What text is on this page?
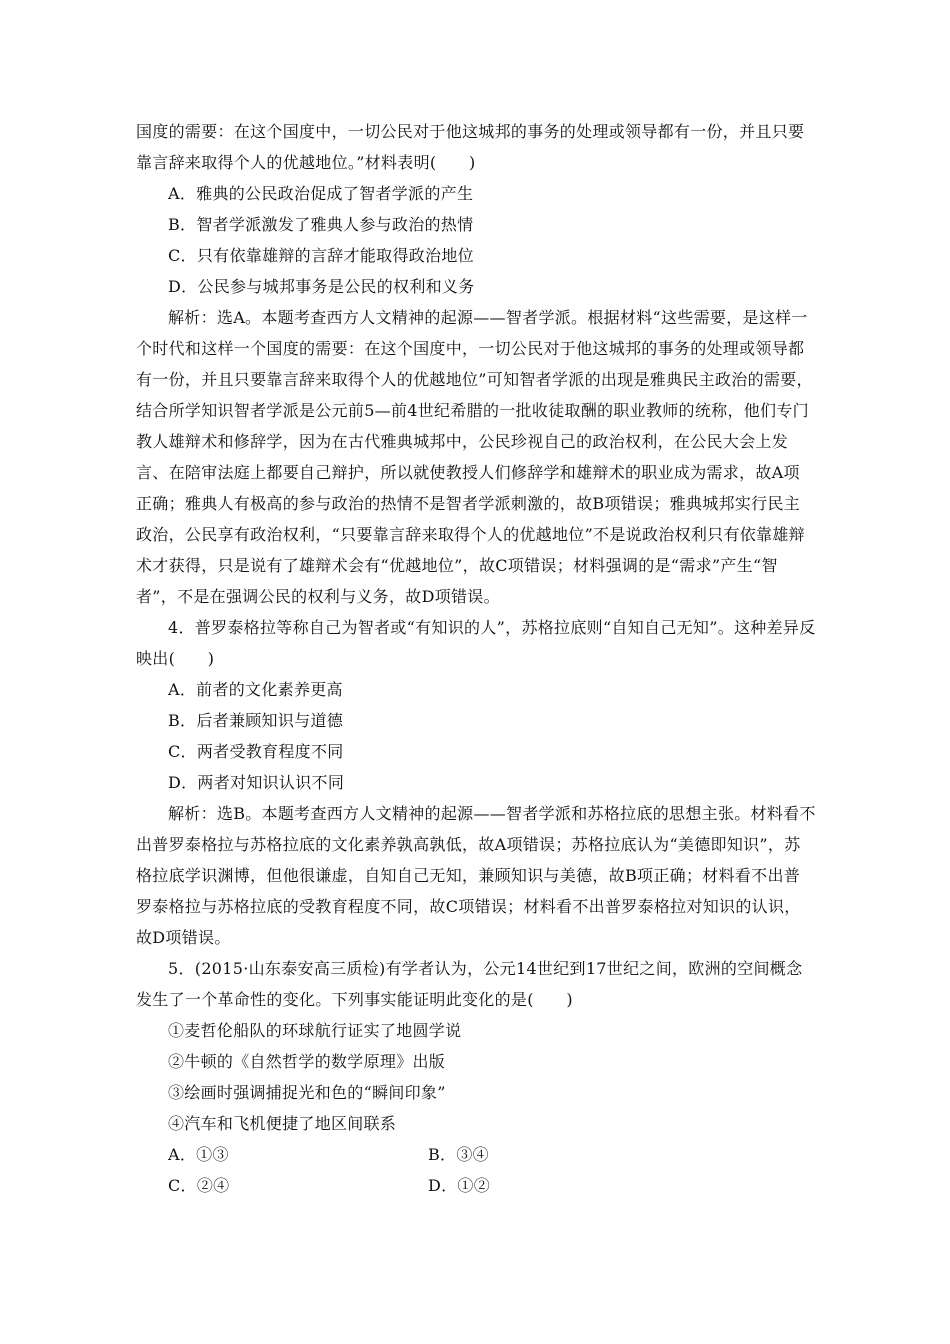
国度的需要：在这个国度中，一切公民对于他这城邦的事务的处理或领导都有一份，并且只要靠言辞来取得个人的优越地位。”材料表明(　　)

A．雅典的公民政治促成了智者学派的产生

B．智者学派激发了雅典人参与政治的热情

C．只有依靠雄辩的言辞才能取得政治地位

D．公民参与城邦事务是公民的权利和义务

解析：选A。本题考查西方人文精神的起源——智者学派。根据材料“这些需要，是这样一个时代和这样一个国度的需要：在这个国度中，一切公民对于他这城邦的事务的处理或领导都有一份，并且只要靠言辞来取得个人的优越地位”可知智者学派的出现是雅典民主政治的需要，结合所学知识智者学派是公元前5—前4世纪希腊的一批收徒取酬的职业教师的统称，他们专门教人雄辩术和修辞学，因为在古代雅典城邦中，公民珍视自己的政治权利，在公民大会上发言、在陪审法庭上都要自己辩护，所以就使教授人们修辞学和雄辩术的职业成为需求，故A项正确；雅典人有极高的参与政治的热情不是智者学派刺激的，故B项错误；雅典城邦实行民主政治，公民享有政治权利，“只要靠言辞来取得个人的优越地位”不是说政治权利只有依靠雄辩术才获得，只是说有了雄辩术会有“优越地位”，故C项错误；材料强调的是“需求”产生“智者”，不是在强调公民的权利与义务，故D项错误。

4．普罗泰格拉等称自己为智者或“有知识的人”，苏格拉底则“自知自己无知”。这种差异反映出(　　)

A．前者的文化素养更高

B．后者兼顾知识与道德

C．两者受教育程度不同

D．两者对知识认识不同

解析：选B。本题考查西方人文精神的起源——智者学派和苏格拉底的思想主张。材料看不出普罗泰格拉与苏格拉底的文化素养孰高孰低，故A项错误；苏格拉底认为“美德即知识”，苏格拉底学识渊博，但他很谦虚，自知自己无知，兼顾知识与美德，故B项正确；材料看不出普罗泰格拉与苏格拉底的受教育程度不同，故C项错误；材料看不出普罗泰格拉对知识的认识，故D项错误。

5．(2015·山东泰安高三质检)有学者认为，公元14世纪到17世纪之间，欧洲的空间概念发生了一个革命性的变化。下列事实能证明此变化的是(　　)

①麦哲伦船队的环球航行证实了地圆学说

②牛顿的《自然哲学的数学原理》出版

③绘画时强调捕捉光和色的“瞬间印象”

④汽车和飞机便捷了地区间联系

A．①③	B．③④
C．②④	D．①②
